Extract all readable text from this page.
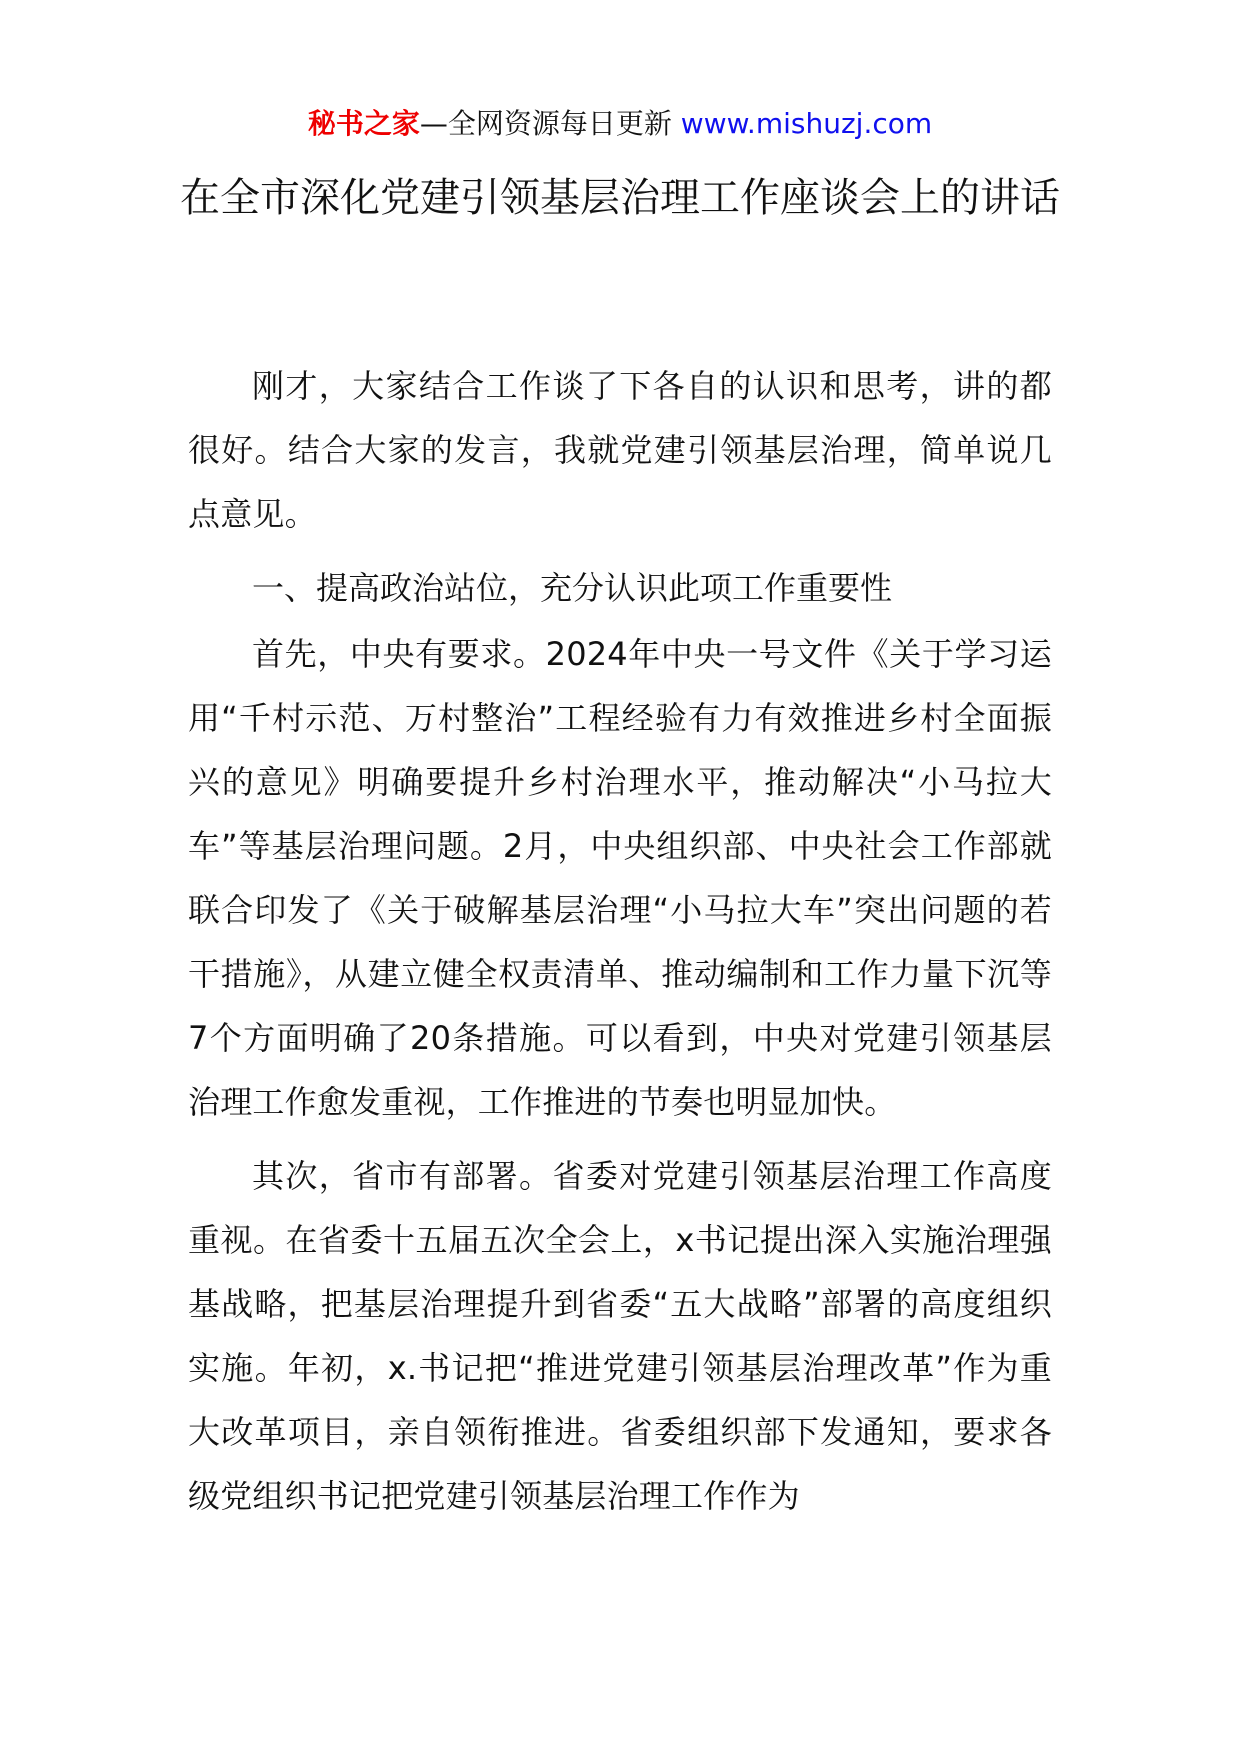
秘书之家—全网资源每日更新 www.mishuzj.com
在全市深化党建引领基层治理工作座谈会上的讲话

刚才，大家结合工作谈了下各自的认识和思考，讲的都很好。结合大家的发言，我就党建引领基层治理，简单说几点意见。

一、提高政治站位，充分认识此项工作重要性

首先，中央有要求。2024年中央一号文件《关于学习运用“千村示范、万村整治”工程经验有力有效推进乡村全面振兴的意见》明确要提升乡村治理水平，推动解决“小马拉大车”等基层治理问题。2月，中央组织部、中央社会工作部就联合印发了《关于破解基层治理“小马拉大车”突出问题的若干措施》，从建立健全权责清单、推动编制和工作力量下沉等7个方面明确了20条措施。可以看到，中央对党建引领基层治理工作愈发重视，工作推进的节奏也明显加快。

其次，省市有部署。省委对党建引领基层治理工作高度重视。在省委十五届五次全会上，x书记提出深入实施治理强基战略，把基层治理提升到省委“五大战略”部署的高度组织实施。年初，x.书记把“推进党建引领基层治理改革”作为重大改革项目，亲自领衔推进。省委组织部下发通知，要求各级党组织书记把党建引领基层治理工作作为
